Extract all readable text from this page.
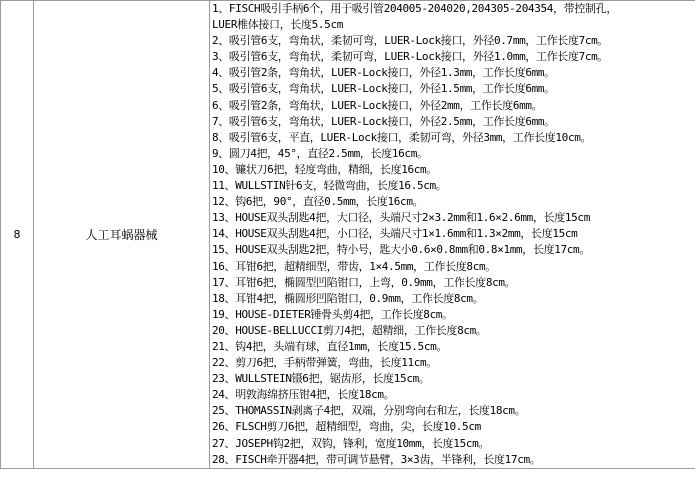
8	人工耳蜗器械	
1、FISCH吸引手柄6个，用于吸引管204005-204020,204305-204354，带控制孔，
LUER椎体接口，长度5.5cm
2、吸引管6支，弯角状，柔韧可弯，LUER-Lock接口，外径0.7mm，工作长度7cm。
3、吸引管6支，弯角状，柔韧可弯，LUER-Lock接口，外径1.0mm，工作长度7cm。
4、吸引管2条，弯角状，LUER-Lock接口，外径1.3mm，工作长度6mm。
5、吸引管6支，弯角状，LUER-Lock接口，外径1.5mm，工作长度6mm。
6、吸引管2条，弯角状，LUER-Lock接口，外径2mm，工作长度6mm。
7、吸引管6支，弯角状，LUER-Lock接口，外径2.5mm，工作长度6mm。
8、吸引管6支，平直，LUER-Lock接口，柔韧可弯，外径3mm，工作长度10cm。
9、圆刀4把，45°，直径2.5mm，长度16cm。
10、镰状刀6把，轻度弯曲，精细，长度16cm。
11、WULLSTIN针6支，轻微弯曲，长度16.5cm。
12、钩6把，90°，直径0.5mm，长度16cm。
13、HOUSE双头刮匙4把，大口径，头端尺寸2×3.2mm和1.6×2.6mm，长度15cm
14、HOUSE双头刮匙4把，小口径，头端尺寸1×1.6mm和1.3×2mm，长度15cm
15、HOUSE双头刮匙2把，特小号，匙大小0.6×0.8mm和0.8×1mm，长度17cm。
16、耳钳6把，超精细型，带齿，1×4.5mm，工作长度8cm。
17、耳钳6把，椭圆型凹陷钳口，上弯，0.9mm，工作长度8cm。
18、耳钳4把，椭圆形凹陷钳口，0.9mm，工作长度8cm。
19、HOUSE-DIETER锤骨头剪4把，工作长度8cm。
20、HOUSE-BELLUCCI剪刀4把，超精细，工作长度8cm。
21、钩4把，头端有球，直径1mm，长度15.5cm。
22、剪刀6把，手柄带弹簧，弯曲，长度11cm。
23、WULLSTEIN镊6把，锯齿形，长度15cm。
24、明敦海绵挤压钳4把，长度18cm。
25、THOMASSIN剥离子4把，双端，分别弯向右和左，长度18cm。
26、FLSCH剪刀6把，超精细型，弯曲，尖，长度10.5cm
27、JOSEPH钩2把，双钩，锋利，宽度10mm，长度15cm。
28、FISCH牵开器4把，带可调节悬臂，3×3齿，半锋利，长度17cm。
